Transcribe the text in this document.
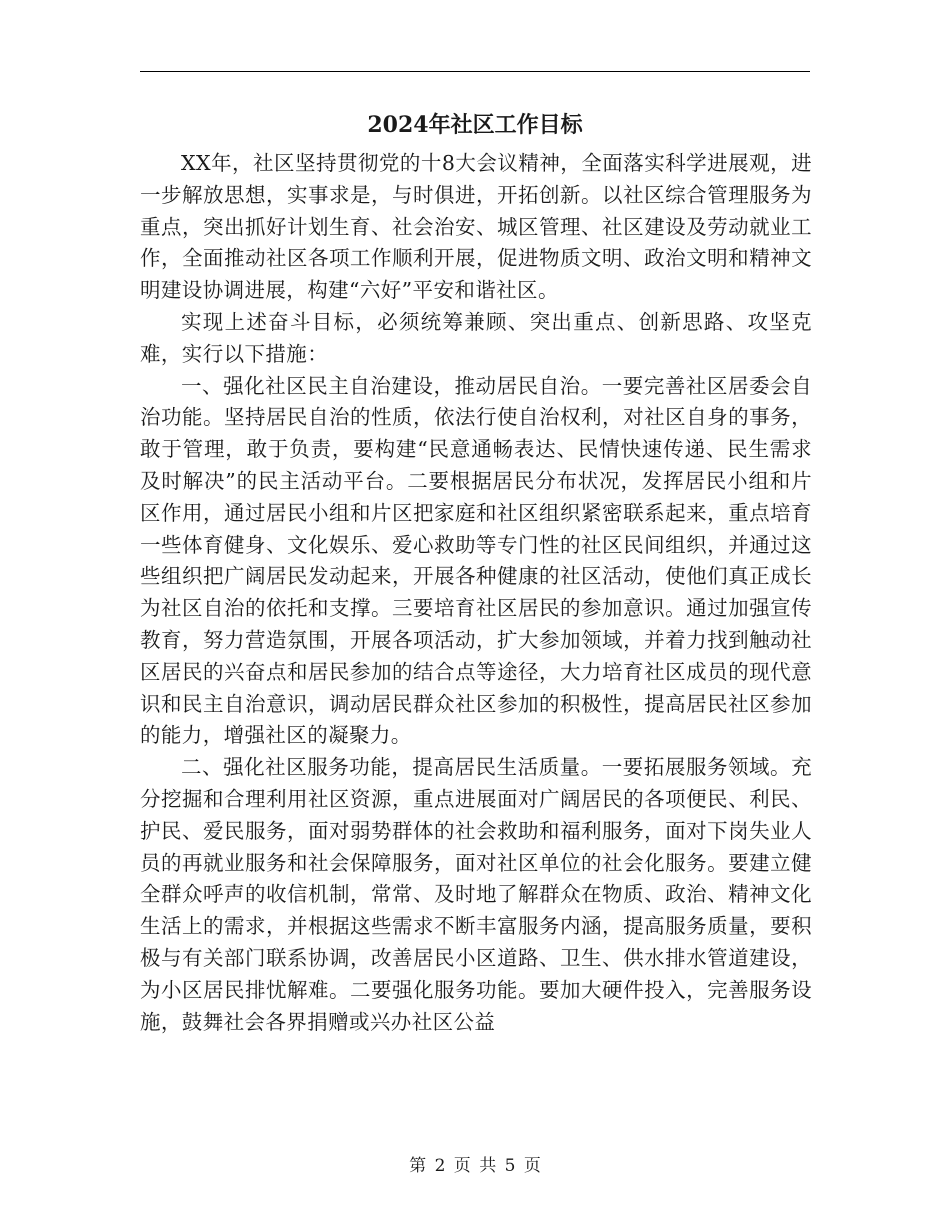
2024年社区工作目标

XX年，社区坚持贯彻党的十8大会议精神，全面落实科学进展观，进一步解放思想，实事求是，与时俱进，开拓创新。以社区综合管理服务为重点，突出抓好计划生育、社会治安、城区管理、社区建设及劳动就业工作，全面推动社区各项工作顺利开展，促进物质文明、政治文明和精神文明建设协调进展，构建“六好”平安和谐社区。

实现上述奋斗目标，必须统筹兼顾、突出重点、创新思路、攻坚克难，实行以下措施：

一、强化社区民主自治建设，推动居民自治。一要完善社区居委会自治功能。坚持居民自治的性质，依法行使自治权利，对社区自身的事务，敢于管理，敢于负责，要构建“民意通畅表达、民情快速传递、民生需求及时解决”的民主活动平台。二要根据居民分布状况，发挥居民小组和片区作用，通过居民小组和片区把家庭和社区组织紧密联系起来，重点培育一些体育健身、文化娱乐、爱心救助等专门性的社区民间组织，并通过这些组织把广阔居民发动起来，开展各种健康的社区活动，使他们真正成长为社区自治的依托和支撑。三要培育社区居民的参加意识。通过加强宣传教育，努力营造氛围，开展各项活动，扩大参加领域，并着力找到触动社区居民的兴奋点和居民参加的结合点等途径，大力培育社区成员的现代意识和民主自治意识，调动居民群众社区参加的积极性，提高居民社区参加的能力，增强社区的凝聚力。

二、强化社区服务功能，提高居民生活质量。一要拓展服务领域。充分挖掘和合理利用社区资源，重点进展面对广阔居民的各项便民、利民、护民、爱民服务，面对弱势群体的社会救助和福利服务，面对下岗失业人员的再就业服务和社会保障服务，面对社区单位的社会化服务。要建立健全群众呼声的收信机制，常常、及时地了解群众在物质、政治、精神文化生活上的需求，并根据这些需求不断丰富服务内涵，提高服务质量，要积极与有关部门联系协调，改善居民小区道路、卫生、供水排水管道建设，为小区居民排忧解难。二要强化服务功能。要加大硬件投入，完善服务设施，鼓舞社会各界捐赠或兴办社区公益

第 2 页 共 5 页
